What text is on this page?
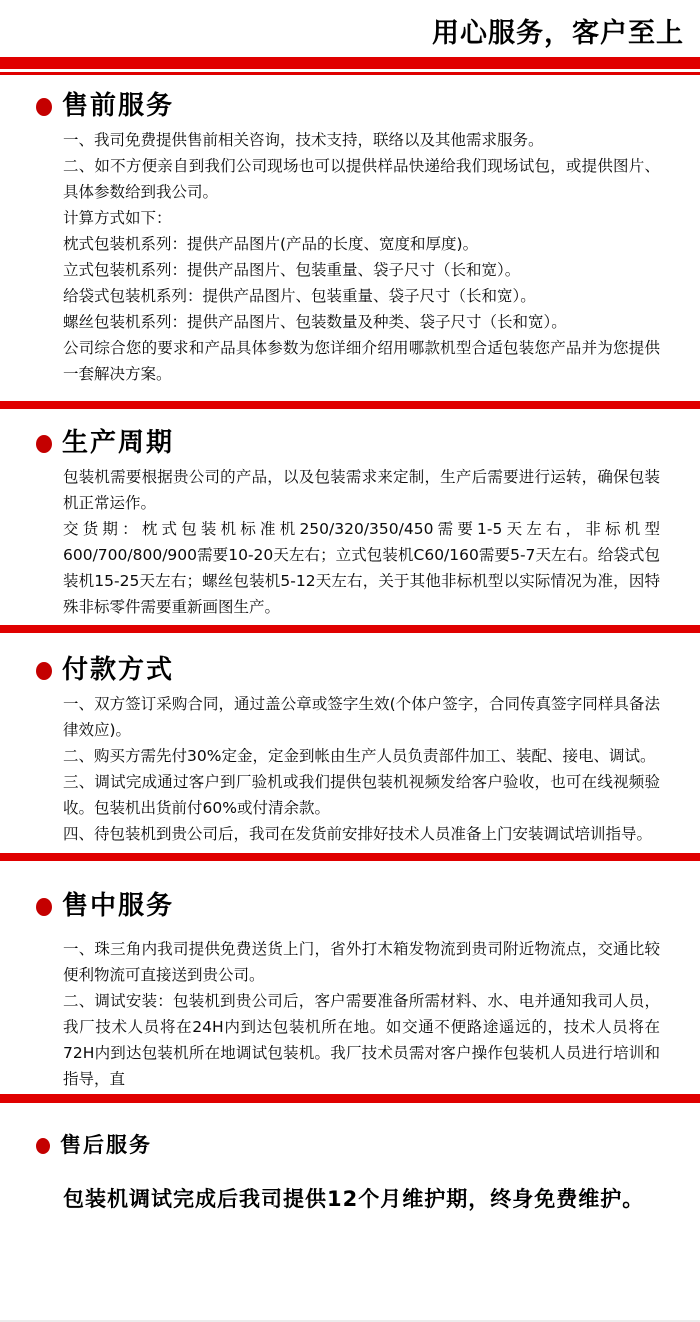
用心服务，客户至上
售前服务

一、我司免费提供售前相关咨询，技术支持，联络以及其他需求服务。

二、如不方便亲自到我们公司现场也可以提供样品快递给我们现场试包，或提供图片、具体参数给到我公司。

计算方式如下：

枕式包装机系列：提供产品图片(产品的长度、宽度和厚度)。

立式包装机系列：提供产品图片、包装重量、袋子尺寸（长和宽）。

给袋式包装机系列：提供产品图片、包装重量、袋子尺寸（长和宽）。

螺丝包装机系列：提供产品图片、包装数量及种类、袋子尺寸（长和宽）。

公司综合您的要求和产品具体参数为您详细介绍用哪款机型合适包装您产品并为您提供一套解决方案。

生产周期

包装机需要根据贵公司的产品，以及包装需求来定制，生产后需要进行运转，确保包装机正常运作。

交货期：枕式包装机标准机250/320/350/450需要1-5天左右，非标机型600/700/800/900需要10-20天左右；立式包装机C60/160需要5-7天左右。给袋式包装机15-25天左右；螺丝包装机5-12天左右，关于其他非标机型以实际情况为准，因特殊非标零件需要重新画图生产。

付款方式

一、双方签订采购合同，通过盖公章或签字生效(个体户签字，合同传真签字同样具备法律效应)。

二、购买方需先付30%定金，定金到帐由生产人员负责部件加工、装配、接电、调试。

三、调试完成通过客户到厂验机或我们提供包装机视频发给客户验收，也可在线视频验收。包装机出货前付60%或付清余款。

四、待包装机到贵公司后，我司在发货前安排好技术人员准备上门安装调试培训指导。

售中服务

一、珠三角内我司提供免费送货上门，省外打木箱发物流到贵司附近物流点，交通比较便利物流可直接送到贵公司。

二、调试安装：包装机到贵公司后，客户需要准备所需材料、水、电并通知我司人员，我厂技术人员将在24H内到达包装机所在地。如交通不便路途遥远的，技术人员将在72H内到达包装机所在地调试包装机。我厂技术员需对客户操作包装机人员进行培训和指导，直

售后服务
包装机调试完成后我司提供12个月维护期，终身免费维护。
